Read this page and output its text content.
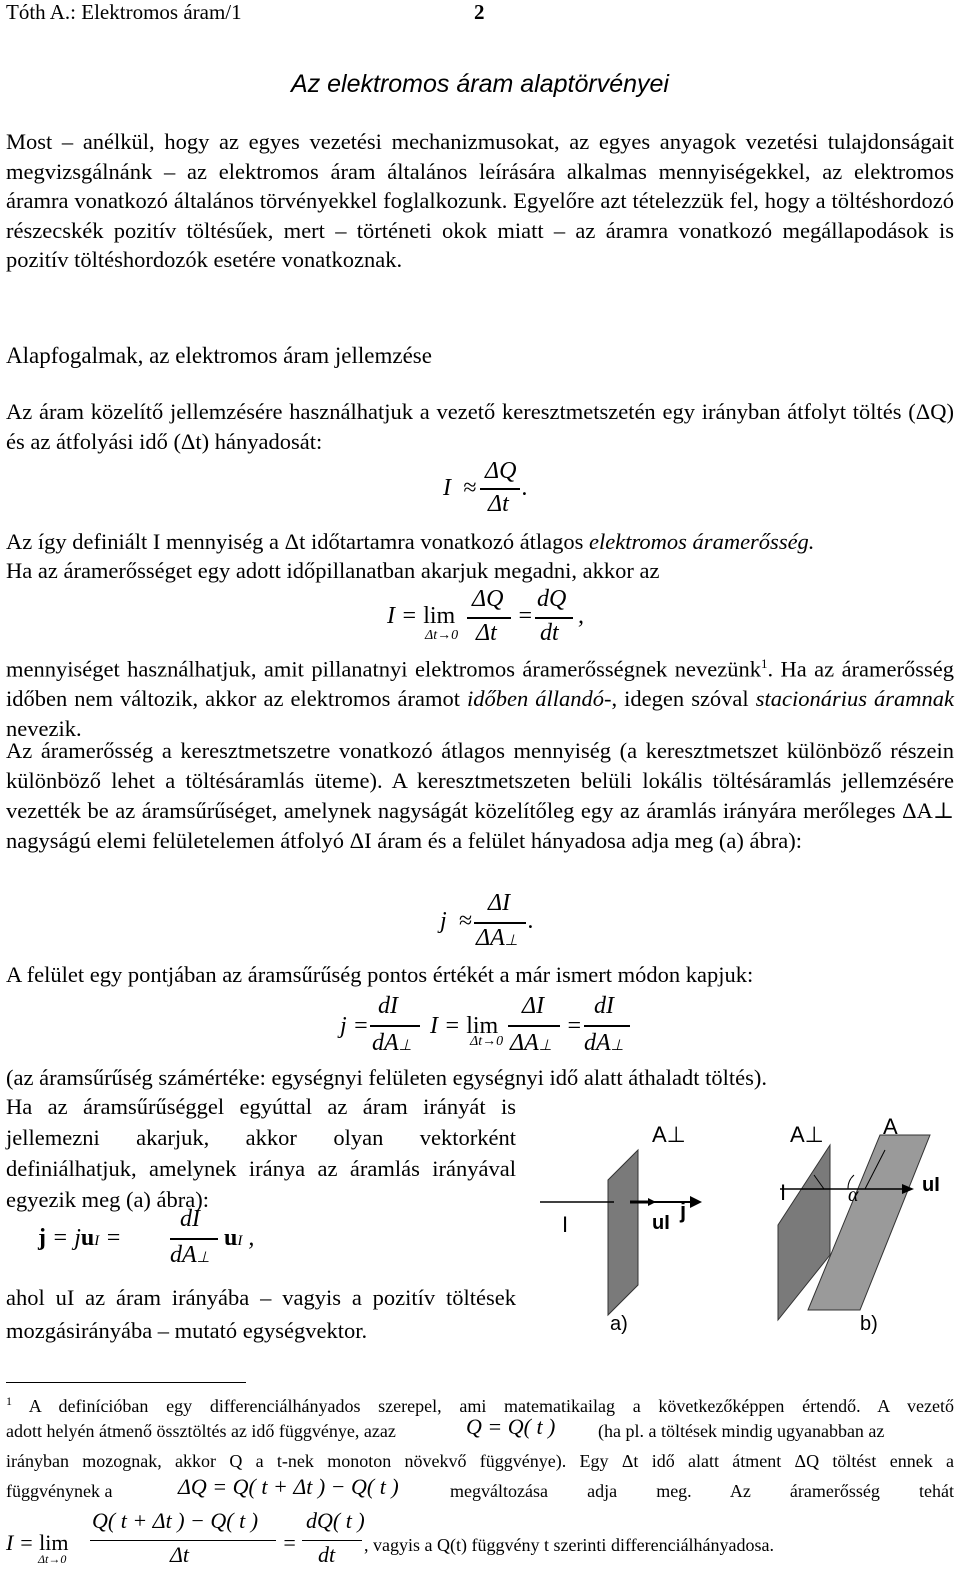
Tóth A.: Elektromos áram/1	2
Az elektromos áram alaptörvényei

Most – anélkül, hogy az egyes vezetési mechanizmusokat, az egyes anyagok vezetési tulajdonságait megvizsgálnánk – az elektromos áram általános leírására alkalmas mennyiségekkel, az elektromos áramra vonatkozó általános törvényekkel foglalkozunk. Egyelőre azt tételezzük fel, hogy a töltéshordozó részecskék pozitív töltésűek, mert – történeti okok miatt – az áramra vonatkozó megállapodások is pozitív töltéshordozók esetére vonatkoznak.

Alapfogalmak, az elektromos áram jellemzése

Az áram közelítő jellemzésére használhatjuk a vezető keresztmetszetén egy irányban átfolyt töltés (ΔQ) és az átfolyási idő (Δt) hányadosát:

I  ≈
ΔQ
Δt
.

Az így definiált I mennyiség a Δt időtartamra vonatkozó átlagos elektromos áramerősség.

Ha az áramerősséget egy adott időpillanatban akarjuk megadni, akkor az

I = lim
Δt→0
ΔQ
Δt
=
dQ
dt
,

mennyiséget használhatjuk, amit pillanatnyi elektromos áramerősségnek nevezünk$^1$. Ha az áramerősség időben nem változik, akkor az elektromos áramot időben állandó-, idegen szóval stacionárius áramnak nevezik.

Az áramerősség a keresztmetszetre vonatkozó átlagos mennyiség (a keresztmetszet különböző részein különböző lehet a töltésáramlás üteme). A keresztmetszeten belüli lokális töltésáramlás jellemzésére vezették be az áramsűrűséget, amelynek nagyságát közelítőleg egy az áramlás irányára merőleges ΔA⊥ nagyságú elemi felületelemen átfolyó ΔI áram és a felület hányadosa adja meg (a) ábra):

j  ≈
ΔI
ΔA⊥
.

A felület egy pontjában az áramsűrűség pontos értékét a már ismert módon kapjuk:

j =
dI
dA⊥
I = lim
Δt→0
ΔI
ΔA⊥
=
dI
dA⊥

(az áramsűrűség számértéke: egységnyi felületen egységnyi idő alatt áthaladt töltés).

Ha az áramsűrűséggel egyúttal az áram irányát is jellemezni akarjuk, akkor olyan vektorként definiálhatjuk, amelynek iránya az áramlás irányával egyezik meg (a) ábra):

j = juI =
dI
dA⊥
uI ,

ahol uI az áram irányába – vagyis a pozitív töltések mozgásirányába – mutató egységvektor.

A⊥	A⊥	A
I
j
uI
I	α	uI
a)	b)
$^1$ A definícióban egy differenciálhányados szerepel, ami matematikailag a következőképpen értendő. A vezető
adott helyén átmenő össztöltés az idő függvénye, azaz	Q = Q( t ) (ha pl. a töltések mindig ugyanabban az
irányban mozognak, akkor Q a t-nek monoton növekvő függvénye). Egy Δt idő alatt átment ΔQ töltést ennek a
függvénynek a	ΔQ = Q( t + Δt ) − Q( t )	megváltozása adja meg. Az áramerősség tehát
I = lim
Δt→0
Q( t + Δt ) − Q( t )
Δt	=
dQ( t )
dt , vagyis a Q(t) függvény t szerinti differenciálhányadosa.
